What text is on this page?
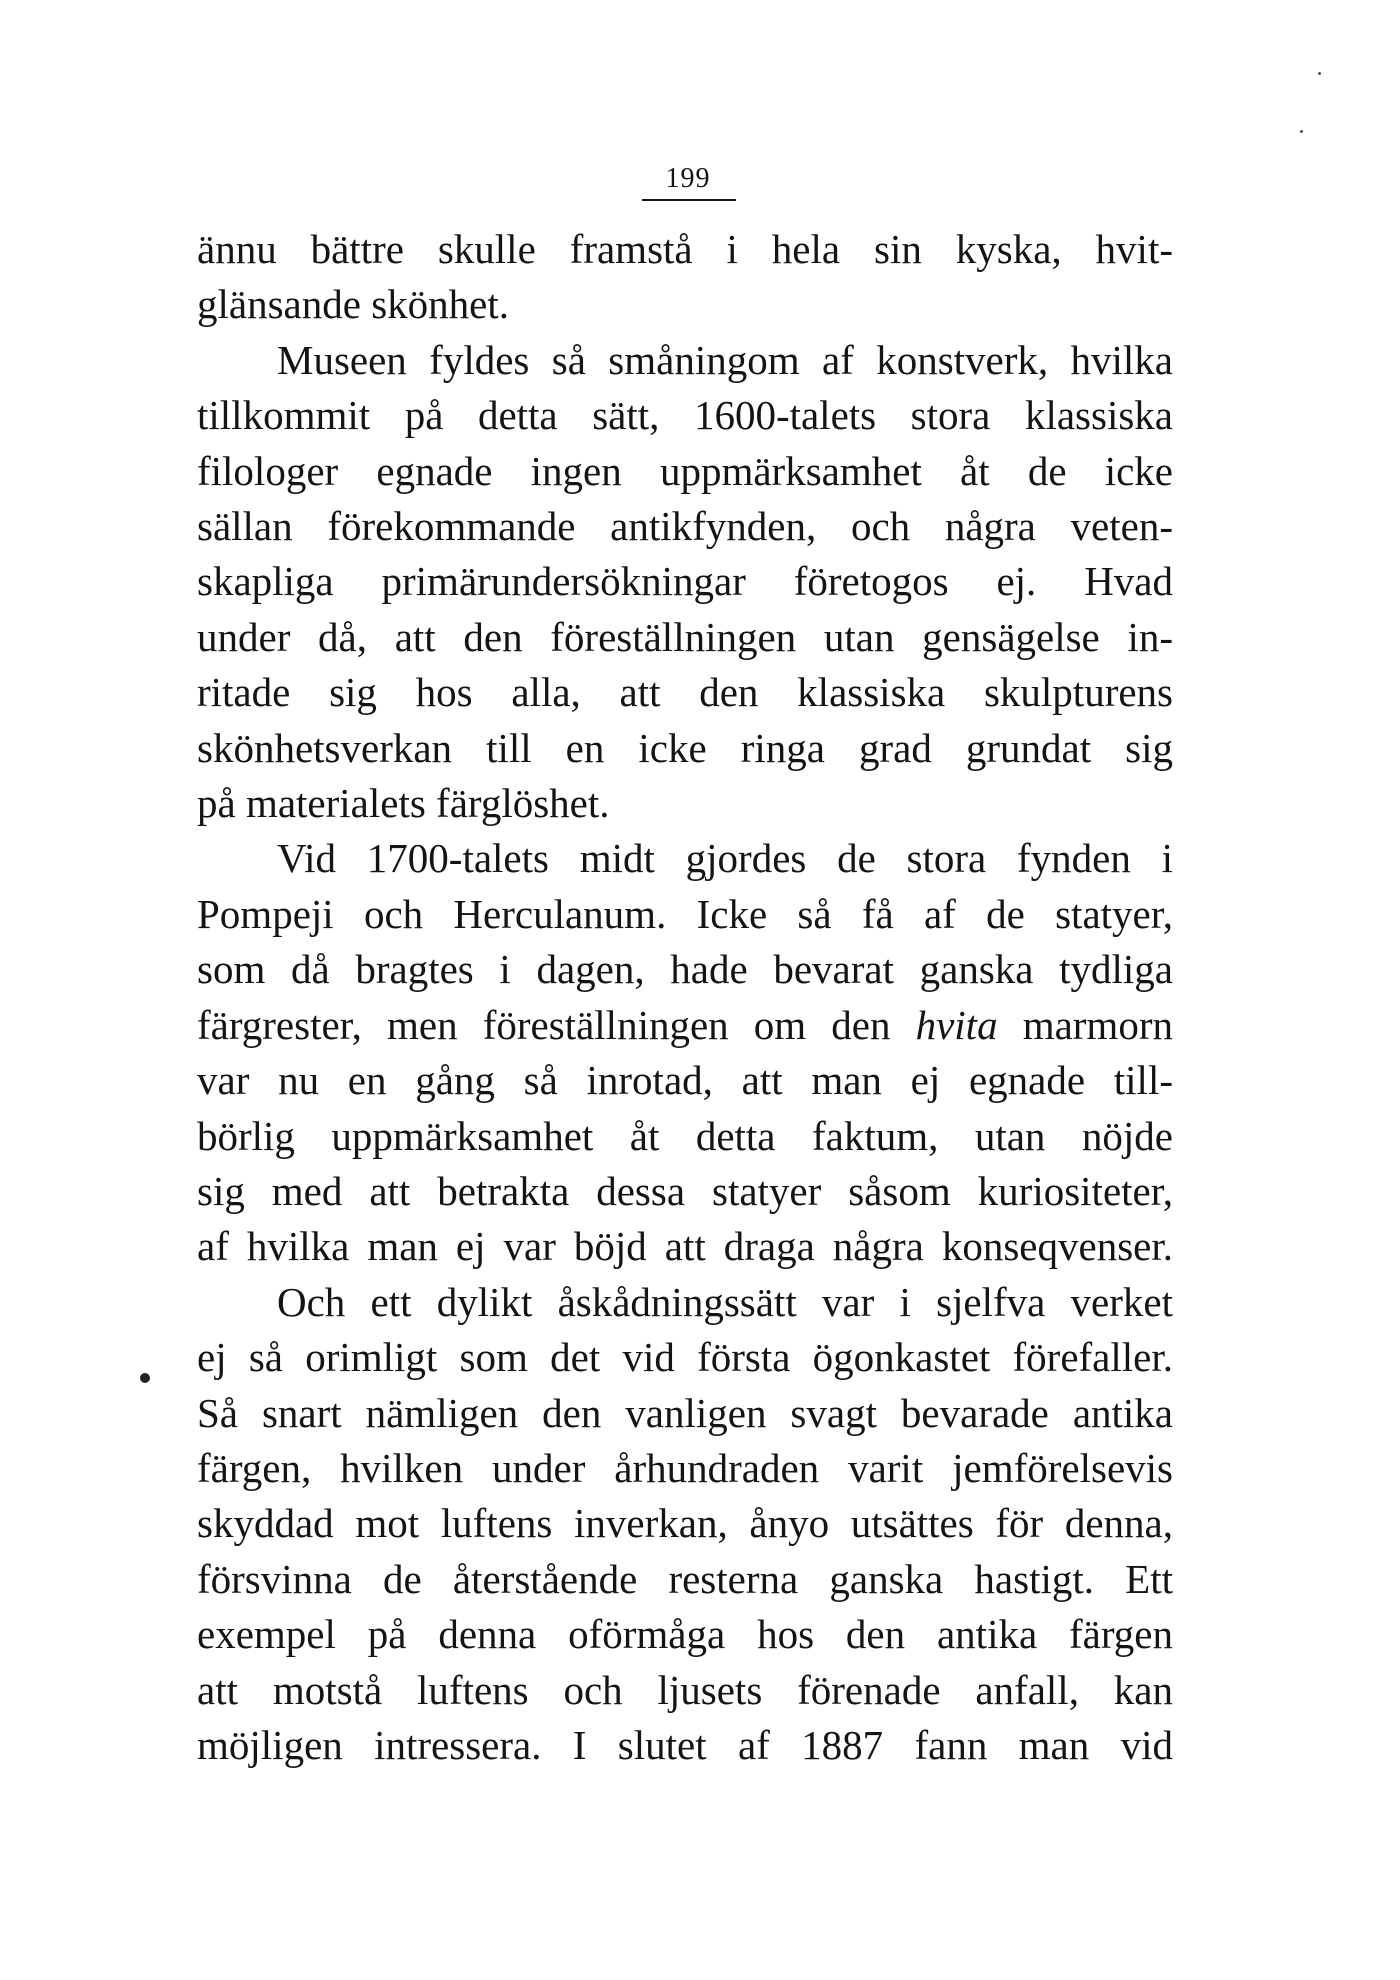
199
ännu bättre skulle framstå i hela sin kyska, hvit-
glänsande skönhet.
Museen fyldes så småningom af konstverk, hvilka
tillkommit på detta sätt, 1600-talets stora klassiska
filologer egnade ingen uppmärksamhet åt de icke
sällan förekommande antikfynden, och några veten-
skapliga primärundersökningar företogos ej. Hvad
under då, att den föreställningen utan gensägelse in-
ritade sig hos alla, att den klassiska skulpturens
skönhetsverkan till en icke ringa grad grundat sig
på materialets färglöshet.
Vid 1700-talets midt gjordes de stora fynden i
Pompeji och Herculanum. Icke så få af de statyer,
som då bragtes i dagen, hade bevarat ganska tydliga
färgrester, men föreställningen om den hvita marmorn
var nu en gång så inrotad, att man ej egnade till-
börlig uppmärksamhet åt detta faktum, utan nöjde
sig med att betrakta dessa statyer såsom kuriositeter,
af hvilka man ej var böjd att draga några konseqvenser.
Och ett dylikt åskådningssätt var i sjelfva verket
ej så orimligt som det vid första ögonkastet förefaller.
Så snart nämligen den vanligen svagt bevarade antika
färgen, hvilken under århundraden varit jemförelsevis
skyddad mot luftens inverkan, ånyo utsättes för denna,
försvinna de återstående resterna ganska hastigt. Ett
exempel på denna oförmåga hos den antika färgen
att motstå luftens och ljusets förenade anfall, kan
möjligen intressera. I slutet af 1887 fann man vid
